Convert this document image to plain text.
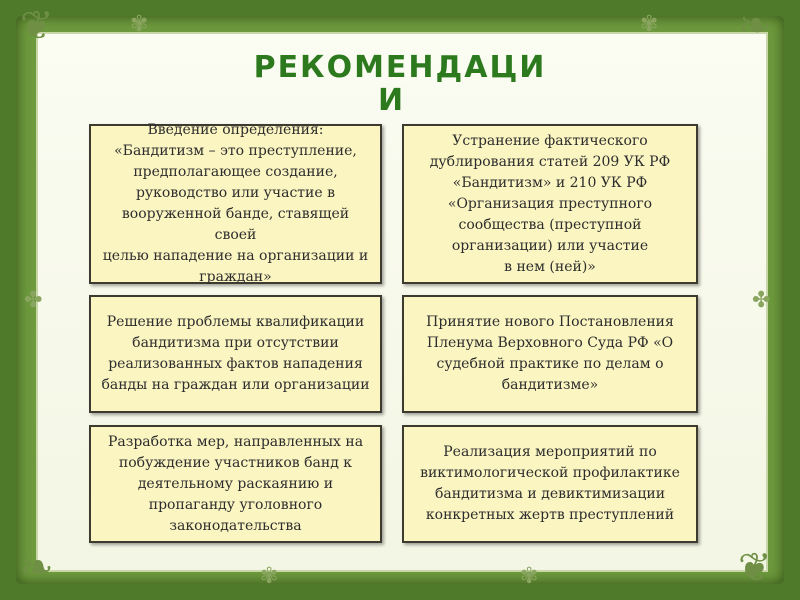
❦	❧
❧	❦
✾	✾
✤	✤
✾	✾
РЕКОМЕНДАЦИ
И
Введение определения:
«Бандитизм – это преступление,
предполагающее создание,
руководство или участие в
вооруженной банде, ставящей своей
целью нападение на организации и
граждан»
Устранение фактического
дублирования статей 209 УК РФ
«Бандитизм» и 210 УК РФ
«Организация преступного
сообщества (преступной
организации) или участие
в нем (ней)»
Решение проблемы квалификации
бандитизма при отсутствии
реализованных фактов нападения
банды на граждан или организации
Принятие нового Постановления
Пленума Верховного Суда РФ «О
судебной практике по делам о
бандитизме»
Разработка мер, направленных на
побуждение участников банд к
деятельному раскаянию и
пропаганду уголовного
законодательства
Реализация мероприятий по
виктимологической профилактике
бандитизма и девиктимизации
конкретных жертв преступлений
